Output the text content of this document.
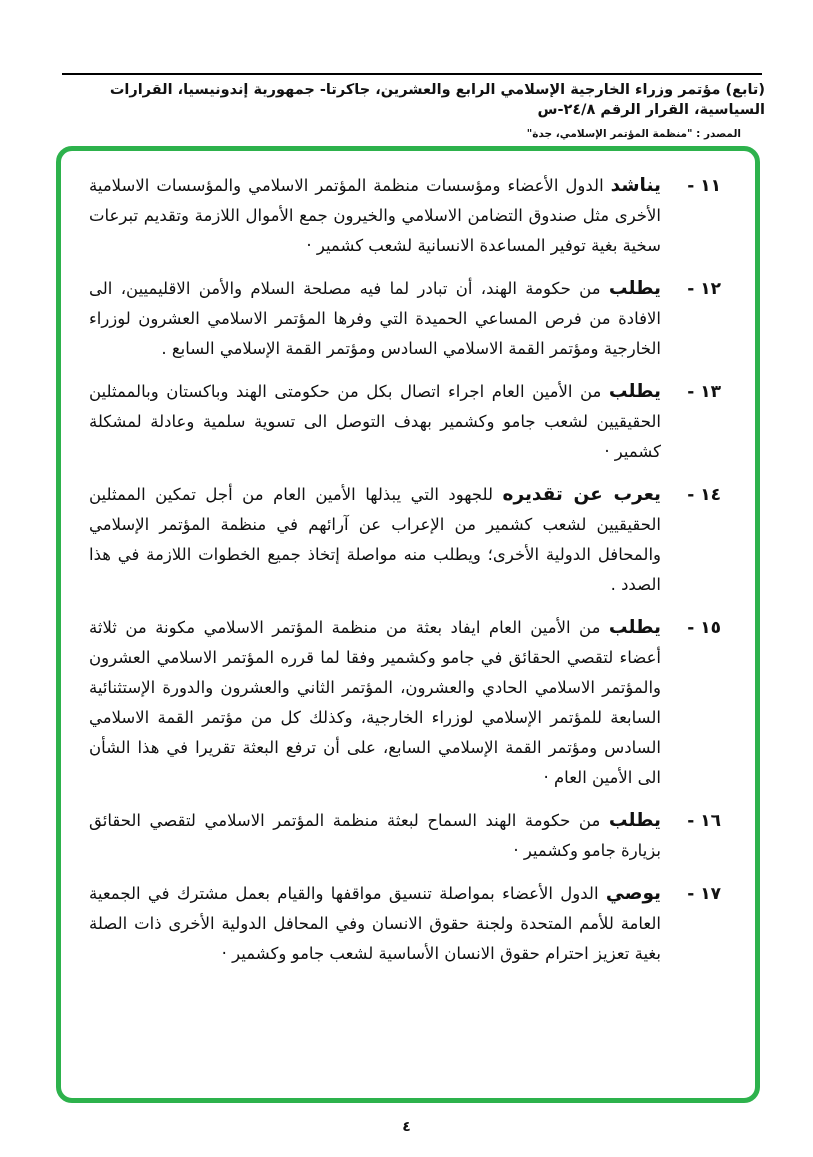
(تابع) مؤتمر وزراء الخارجية الإسلامي الرابع والعشرين، جاكرتا- جمهورية إندونيسيا، القرارات السياسية، القرار الرقم ٢٤/٨-س
المصدر : "منظمة المؤتمر الإسلامي، جدة"
١١ -
يناشد الدول الأعضاء ومؤسسات منظمة المؤتمر الاسلامي والمؤسسات الاسلامية الأخرى مثل صندوق التضامن الاسلامي والخيرون جمع الأموال اللازمة وتقديم تبرعات سخية بغية توفير المساعدة الانسانية لشعب كشمير ·
١٢ -
يطلب من حكومة الهند، أن تبادر لما فيه مصلحة السلام والأمن الاقليميين، الى الافادة من فرص المساعي الحميدة التي وفرها المؤتمر الاسلامي العشرون لوزراء الخارجية ومؤتمر القمة الاسلامي السادس ومؤتمر القمة الإسلامي السابع .
١٣ -
يطلب من الأمين العام اجراء اتصال بكل من حكومتى الهند وباكستان وبالممثلين الحقيقيين لشعب جامو وكشمير بهدف التوصل الى تسوية سلمية وعادلة لمشكلة كشمير ·
١٤ -
يعرب عن تقديره للجهود التي يبذلها الأمين العام من أجل تمكين الممثلين الحقيقيين لشعب كشمير من الإعراب عن آرائهم في منظمة المؤتمر الإسلامي والمحافل الدولية الأخرى؛ ويطلب منه مواصلة إتخاذ جميع الخطوات اللازمة في هذا الصدد .
١٥ -
يطلب من الأمين العام ايفاد بعثة من منظمة المؤتمر الاسلامي مكونة من ثلاثة أعضاء لتقصي الحقائق في جامو وكشمير وفقا لما قرره المؤتمر الاسلامي العشرون والمؤتمر الاسلامي الحادي والعشرون، المؤتمر الثاني والعشرون والدورة الإستثنائية السابعة للمؤتمر الإسلامي لوزراء الخارجية، وكذلك كل من مؤتمر القمة الاسلامي السادس ومؤتمر القمة الإسلامي السابع، على أن ترفع البعثة تقريرا في هذا الشأن الى الأمين العام ·
١٦ -
يطلب من حكومة الهند السماح لبعثة منظمة المؤتمر الاسلامي لتقصي الحقائق بزيارة جامو وكشمير ·
١٧ -
يوصي الدول الأعضاء بمواصلة تنسيق مواقفها والقيام بعمل مشترك في الجمعية العامة للأمم المتحدة ولجنة حقوق الانسان وفي المحافل الدولية الأخرى ذات الصلة بغية تعزيز احترام حقوق الانسان الأساسية لشعب جامو وكشمير ·
٤
